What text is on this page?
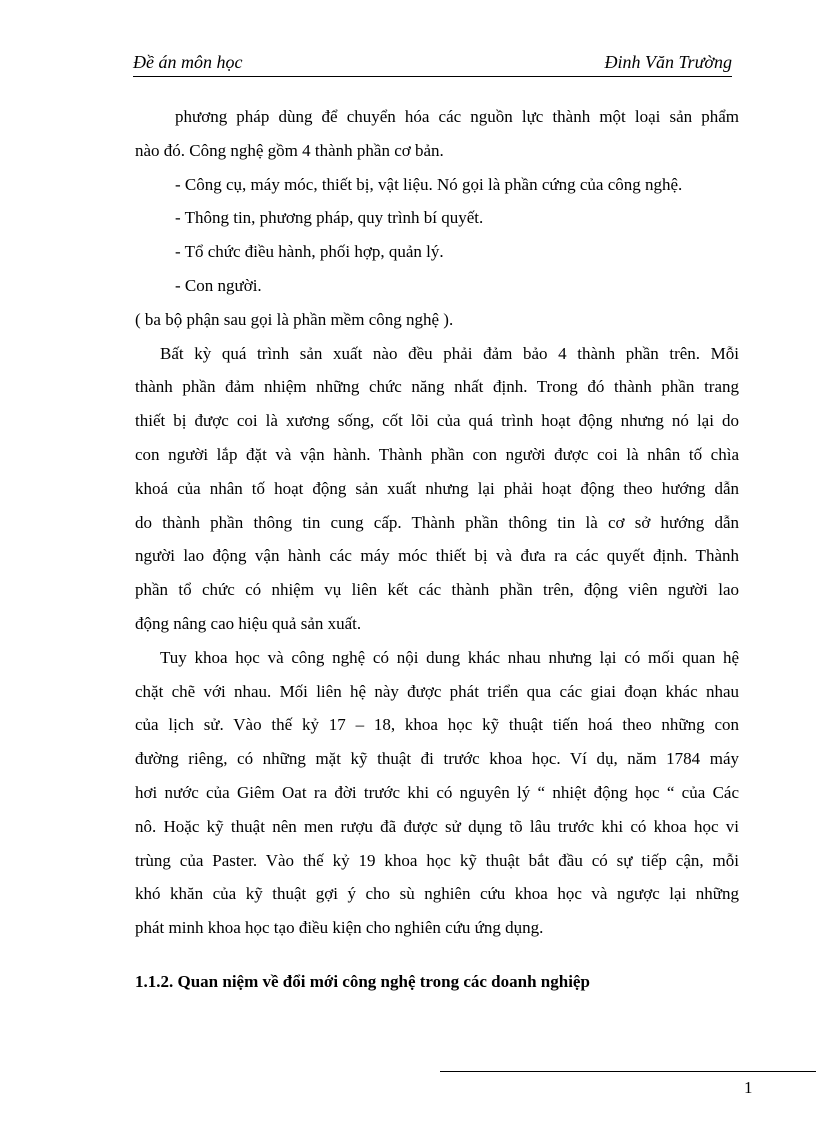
Đề án môn học	Đinh Văn Trường
phương pháp dùng để chuyển hóa các nguồn lực thành một loại sản phẩm
nào đó. Công nghệ gồm 4 thành phần cơ bản.
- Công cụ, máy móc, thiết bị, vật liệu. Nó gọi là phần cứng của công nghệ.
- Thông tin, phương pháp, quy trình bí quyết.
- Tổ chức điều hành, phối hợp, quản lý.
- Con người.
( ba bộ phận sau gọi là phần mềm công nghệ ).
Bất kỳ quá trình sản xuất nào đều phải đảm bảo 4 thành phần trên. Mỗi
thành phần đảm nhiệm những chức năng nhất định. Trong đó thành phần trang
thiết bị được coi là xương sống, cốt lõi của quá trình hoạt động nhưng nó lại do
con người lắp đặt và vận hành. Thành phần con người được coi là nhân tố chìa
khoá của nhân tố hoạt động sản xuất nhưng lại phải hoạt động theo hướng dẫn
do thành phần thông tin cung cấp. Thành phần thông tin là cơ sở hướng dẫn
người lao động vận hành các máy móc thiết bị và đưa ra các quyết định. Thành
phần tổ chức có nhiệm vụ liên kết các thành phần trên, động viên người lao
động nâng cao hiệu quả sản xuất.
Tuy khoa học và công nghệ có nội dung khác nhau nhưng lại có mối quan hệ
chặt chẽ với nhau. Mối liên hệ này được phát triển qua các giai đoạn khác nhau
của lịch sử. Vào thế kỷ 17 – 18, khoa học kỹ thuật tiến hoá theo những con
đường riêng, có những mặt kỹ thuật đi trước khoa học. Ví dụ, năm 1784 máy
hơi nước của Giêm Oat ra đời trước khi có nguyên lý “ nhiệt động học “ của Các
nô. Hoặc kỹ thuật nên men rượu đã được sử dụng tõ lâu trước khi có khoa học vi
trùng của Paster. Vào thế kỷ 19 khoa học kỹ thuật bắt đầu có sự tiếp cận, mỗi
khó khăn của kỹ thuật gợi ý cho sù nghiên cứu khoa học và ngược lại những
phát minh khoa học tạo điều kiện cho nghiên cứu ứng dụng.
1.1.2. Quan niệm về đổi mới công nghệ trong các doanh nghiệp
1
